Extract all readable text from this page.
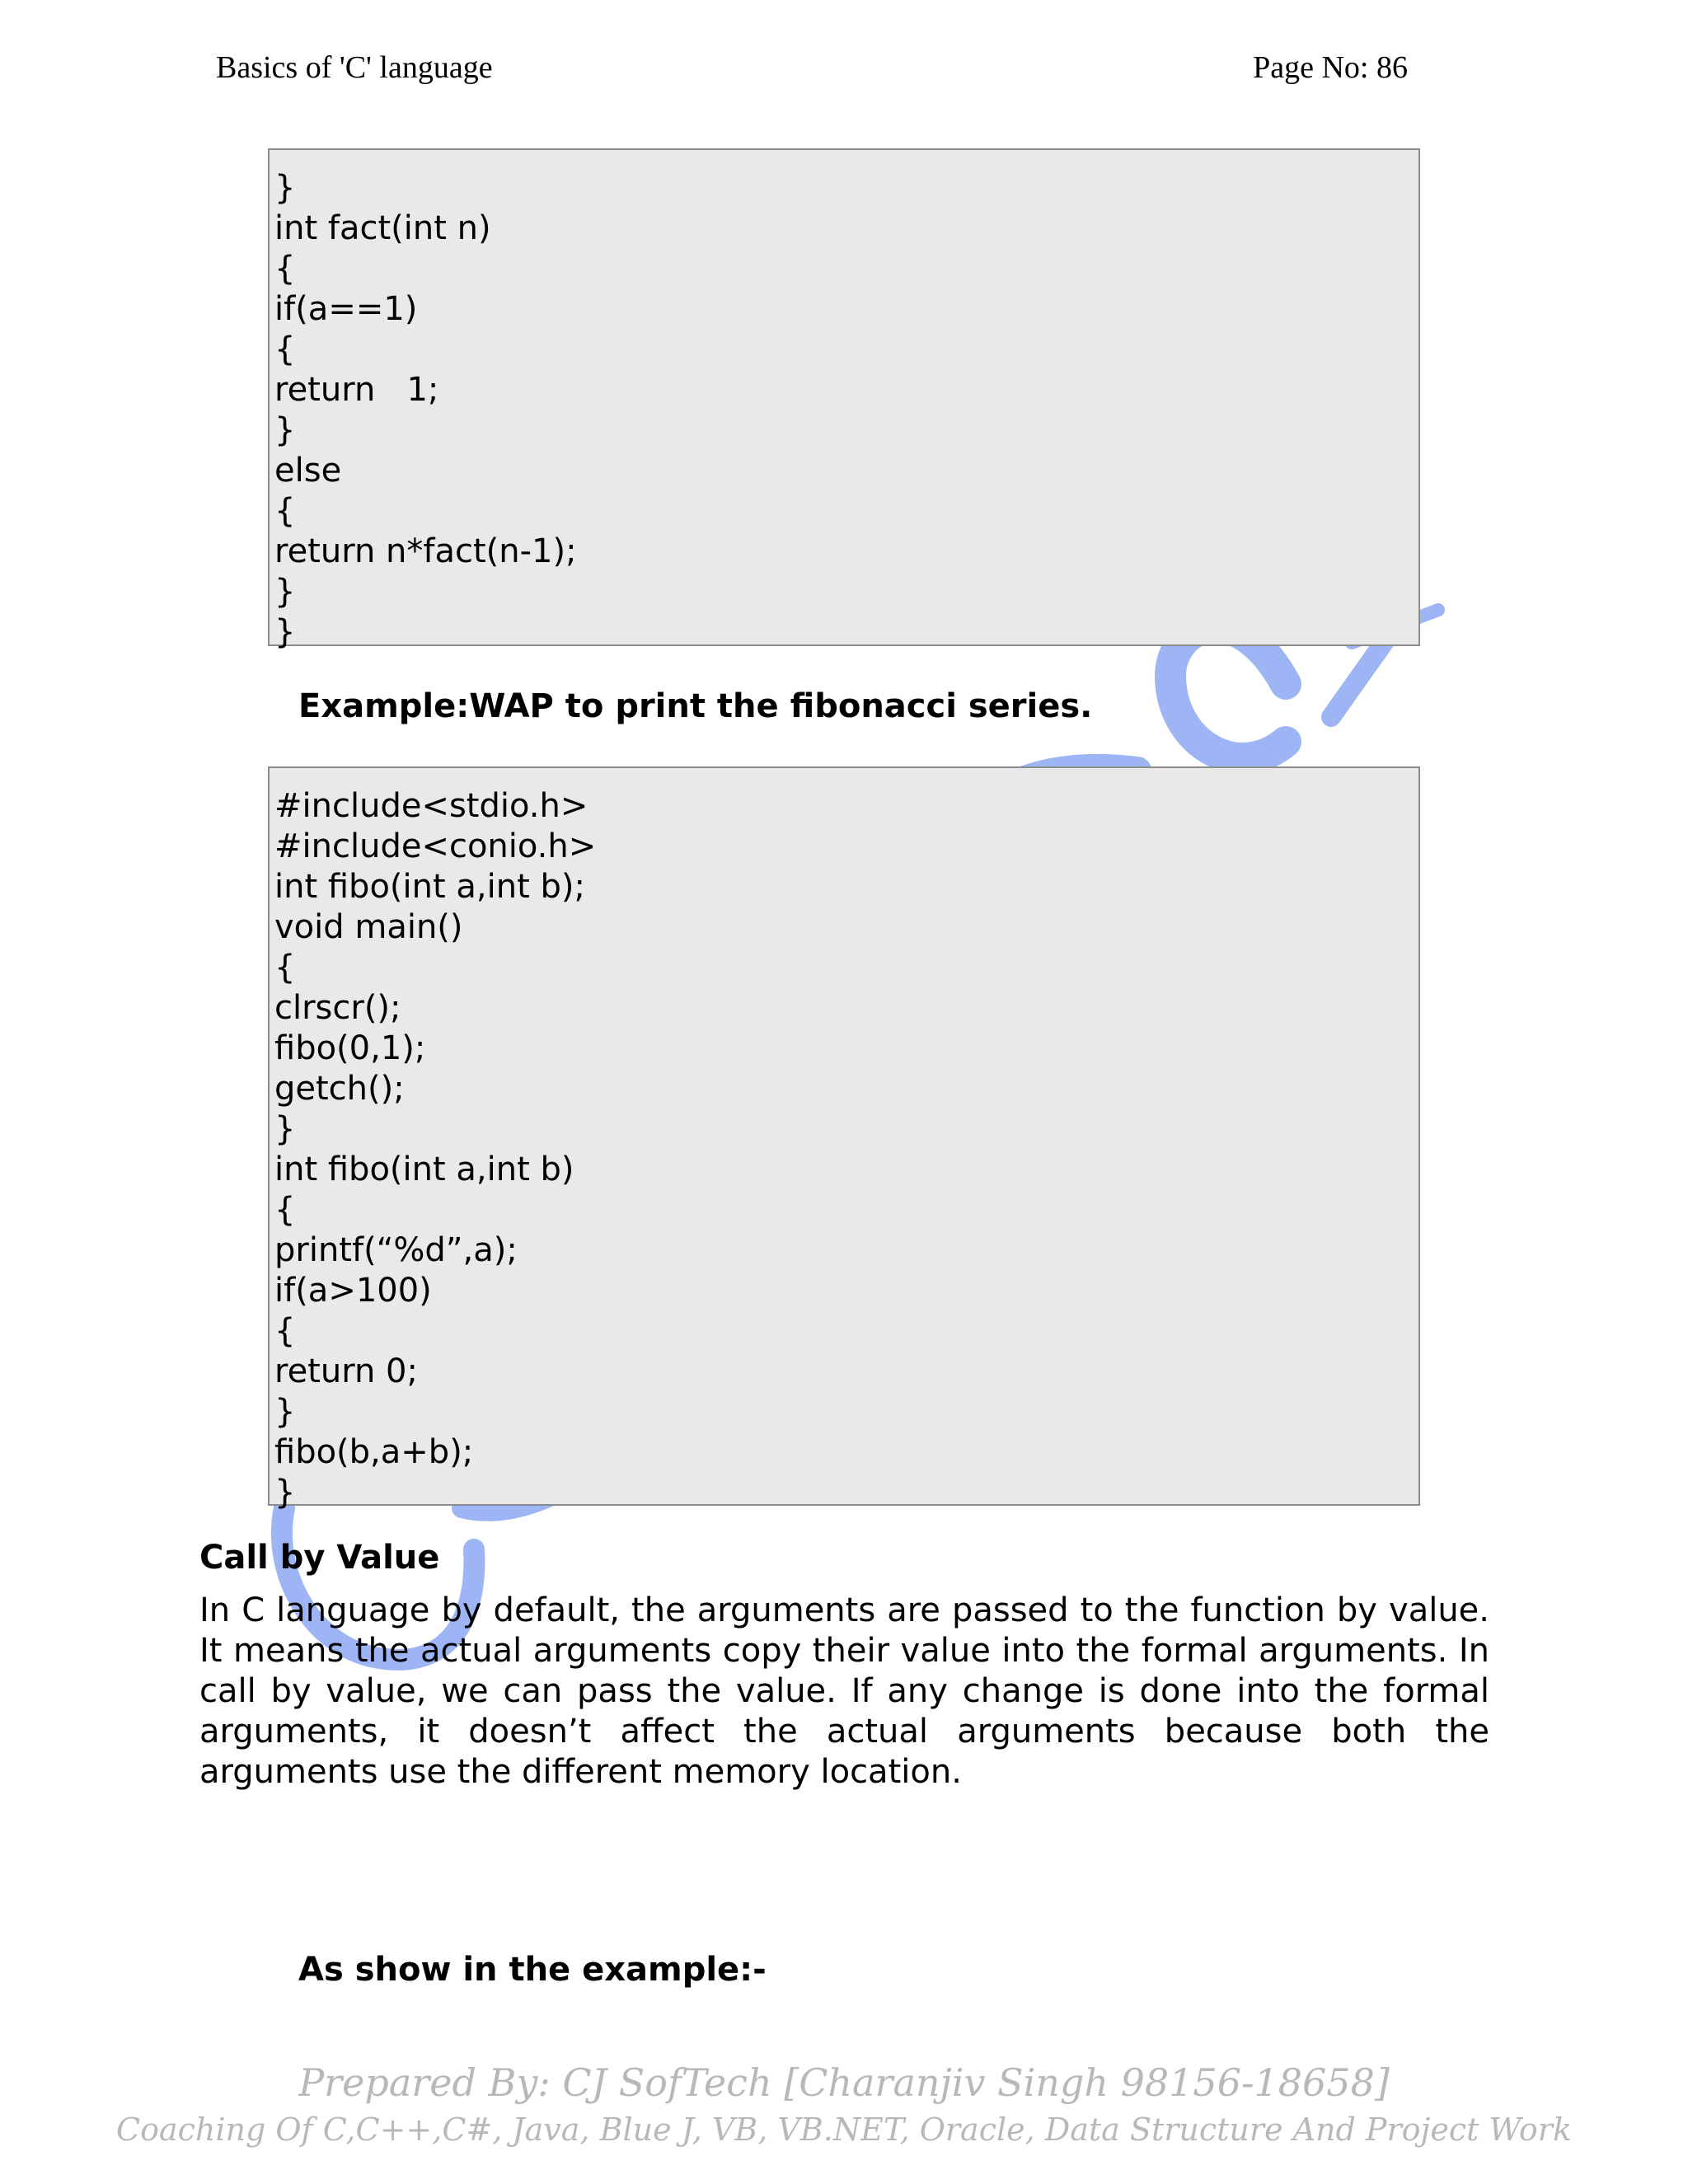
Basics of 'C' language	Page No: 86
}
int fact(int n)
{
if(a==1)
{
return   1;
}
else
{
return n*fact(n-1);
}
}
Example:WAP to print the fibonacci series.
#include<stdio.h>
#include<conio.h>
int fibo(int a,int b);
void main()
{
clrscr();
fibo(0,1);
getch();
}
int fibo(int a,int b)
{
printf(“%d”,a);
if(a>100)
{
return 0;
}
fibo(b,a+b);
}
Call by Value
In C language by default, the arguments are passed to the function by value. It means the actual arguments copy their value into the formal arguments. In call by value, we can pass the value. If any change is done into the formal arguments, it doesn’t affect the actual arguments because both the arguments use the different memory location.
As show in the example:-
Prepared By: CJ SofTech [Charanjiv Singh 98156-18658]
Coaching Of C,C++,C#, Java, Blue J, VB, VB.NET, Oracle, Data Structure And Project Work
